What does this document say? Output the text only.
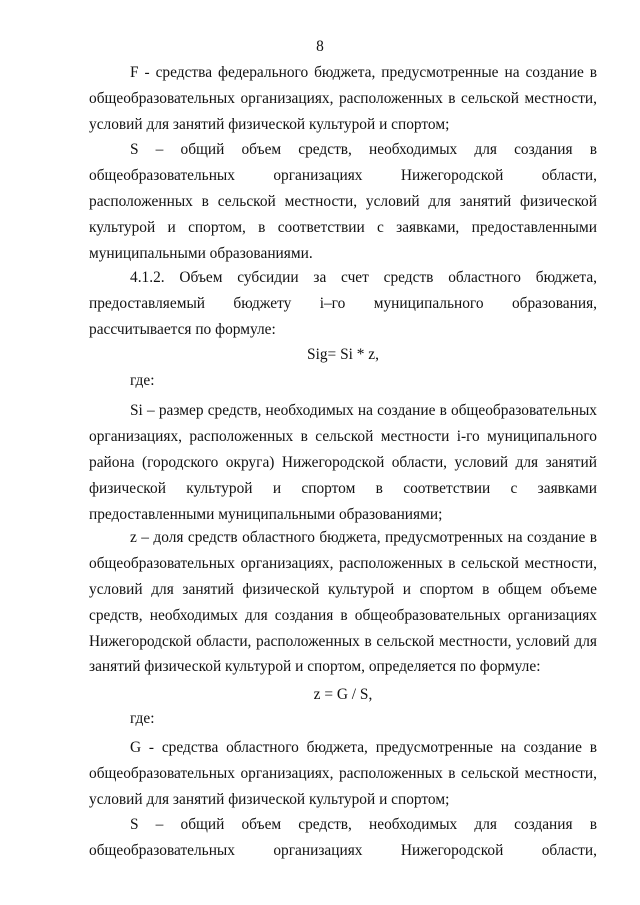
8
F - средства федерального бюджета, предусмотренные на создание в
общеобразовательных организациях, расположенных в сельской местности,
условий для занятий физической культурой и спортом;
S – общий объем средств, необходимых для создания в
общеобразовательных организациях Нижегородской области,
расположенных в сельской местности, условий для занятий физической
культурой и спортом, в соответствии с заявками, предоставленными
муниципальными образованиями.
4.1.2. Объем субсидии за счет средств областного бюджета,
предоставляемый бюджету i–го муниципального образования,
рассчитывается по формуле:
Sig= Si * z,
где:
Si – размер средств, необходимых на создание в общеобразовательных
организациях, расположенных в сельской местности i-го муниципального
района (городского округа) Нижегородской области, условий для занятий
физической культурой и спортом в соответствии с заявками
предоставленными муниципальными образованиями;
z – доля средств областного бюджета, предусмотренных на создание в
общеобразовательных организациях, расположенных в сельской местности,
условий для занятий физической культурой и спортом в общем объеме
средств, необходимых для создания в общеобразовательных организациях
Нижегородской области, расположенных в сельской местности, условий для
занятий физической культурой и спортом, определяется по формуле:
z = G / S,
где:
G - средства областного бюджета, предусмотренные на создание в
общеобразовательных организациях, расположенных в сельской местности,
условий для занятий физической культурой и спортом;
S – общий объем средств, необходимых для создания в
общеобразовательных организациях Нижегородской области,
